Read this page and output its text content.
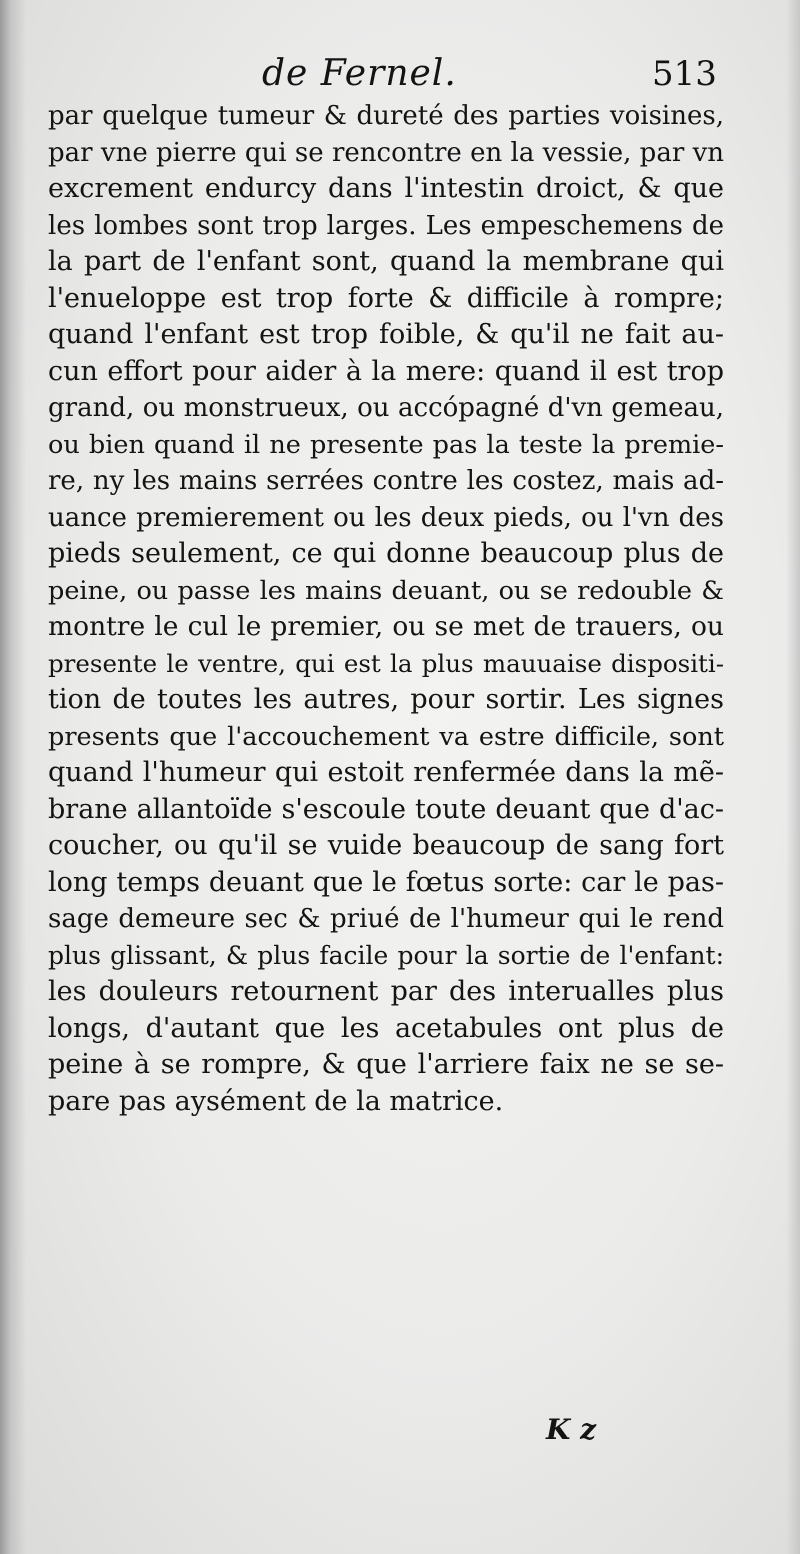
de Fernel.	513
par quelque tumeur & dureté des parties voisines,
par vne pierre qui se rencontre en la vessie, par vn
excrement endurcy dans l'intestin droict, & que
les lombes sont trop larges. Les empeschemens de
la part de l'enfant sont, quand la membrane qui
l'enueloppe est trop forte & difficile à rompre;
quand l'enfant est trop foible, & qu'il ne fait au-
cun effort pour aider à la mere: quand il est trop
grand, ou monstrueux, ou accópagné d'vn gemeau,
ou bien quand il ne presente pas la teste la premie-
re, ny les mains serrées contre les costez, mais ad-
uance premierement ou les deux pieds, ou l'vn des
pieds seulement, ce qui donne beaucoup plus de
peine, ou passe les mains deuant, ou se redouble &
montre le cul le premier, ou se met de trauers, ou
presente le ventre, qui est la plus mauuaise dispositi-
tion de toutes les autres, pour sortir. Les signes
presents que l'accouchement va estre difficile, sont
quand l'humeur qui estoit renfermée dans la mẽ-
brane allantoïde s'escoule toute deuant que d'ac-
coucher, ou qu'il se vuide beaucoup de sang fort
long temps deuant que le fœtus sorte: car le pas-
sage demeure sec & priué de l'humeur qui le rend
plus glissant, & plus facile pour la sortie de l'enfant:
les douleurs retournent par des interualles plus
longs, d'autant que les acetabules ont plus de
peine à se rompre, & que l'arriere faix ne se se-
pare pas aysément de la matrice.
K z
